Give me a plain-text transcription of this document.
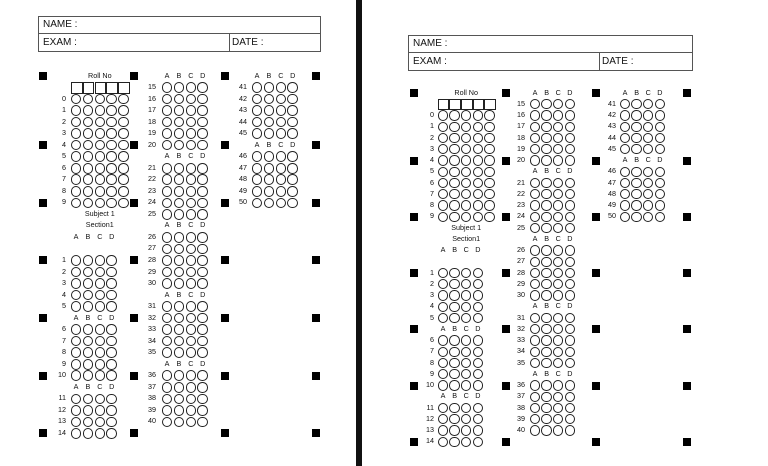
NAME :
EXAM :	DATE :
Roll No
0
1
2
3
4
5
6
7
8
9
Subject 1
Section1
A B C D
A B C D
A B C D
1
2
3
4
5
6
7
8
9
10
11
12
13
14
A B C D
A B C D
A B C D
A B C D
A B C D
15
16
17
18
19
20
21
22
23
24
25
26
27
28
29
30
31
32
33
34
35
36
37
38
39
40
A B C D
A B C D
41
42
43
44
45
46
47
48
49
50
NAME :
EXAM :	DATE :
Roll No
0
1
2
3
4
5
6
7
8
9
Subject 1
Section1
A B C D
A B C D
A B C D
1
2
3
4
5
6
7
8
9
10
11
12
13
14
A B C D
A B C D
A B C D
A B C D
A B C D
15
16
17
18
19
20
21
22
23
24
25
26
27
28
29
30
31
32
33
34
35
36
37
38
39
40
A B C D
A B C D
41
42
43
44
45
46
47
48
49
50
